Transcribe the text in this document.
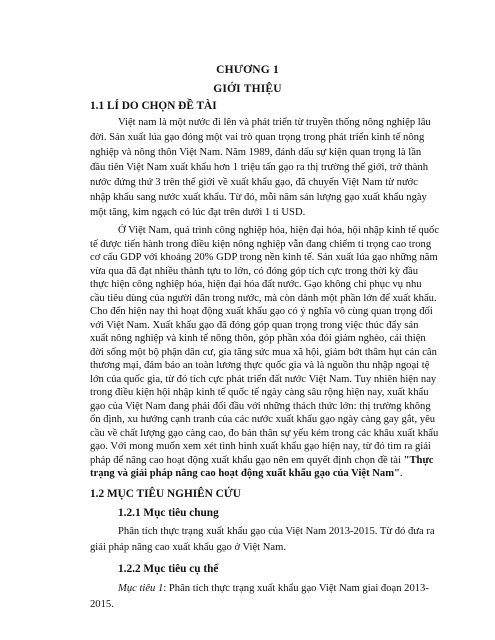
CHƯƠNG 1
GIỚI THIỆU
1.1 LÍ DO CHỌN ĐỀ TÀI
Việt nam là một nước đi lên và phát triển từ truyền thống nông nghiệp lâu
đời. Sản xuất lúa gạo đóng một vai trò quan trọng trong phát triển kinh tế nông
nghiệp và nông thôn Việt Nam. Năm 1989, đánh dấu sự kiện quan trọng là lần
đầu tiên Việt Nam xuất khẩu hơn 1 triệu tấn gạo ra thị trường thế giới, trở thành
nước đứng thứ 3 trên thế giới về xuất khẩu gạo, đã chuyển Việt Nam từ nước
nhập khẩu sang nước xuất khẩu. Từ đó, mỗi năm sản lượng gạo xuất khẩu ngày
một tăng, kim ngạch có lúc đạt trên dưới 1 tỉ USD.
Ở Việt Nam, quá trình công nghiệp hóa, hiện đại hóa, hội nhập kinh tế quốc
tế được tiến hành trong điều kiện nông nghiệp vẫn đang chiếm tỉ trọng cao trong
cơ cấu GDP với khoảng 20% GDP trong nền kinh tế. Sản xuất lúa gạo những năm
vừa qua đã đạt nhiều thành tựu to lớn, có đóng góp tích cực trong thời kỳ đầu
thực hiện công nghiệp hóa, hiện đại hóa đất nước. Gạo không chỉ phục vụ nhu
cầu tiêu dùng của người dân trong nước, mà còn dành một phần lớn để xuất khẩu.
Cho đến hiện nay thì hoạt động xuất khẩu gạo có ý nghĩa vô cùng quan trọng đối
với Việt Nam. Xuất khẩu gạo đã đóng góp quan trọng trong việc thúc đẩy sản
xuất nông nghiệp và kinh tế nông thôn, góp phần xóa đói giảm nghèo, cải thiện
đời sống một bộ phận dân cư, gia tăng sức mua xã hội, giảm bớt thâm hụt cán cân
thương mại, đảm bảo an toàn lương thực quốc gia và là nguồn thu nhập ngoại tệ
lớn của quốc gia, từ đó tích cực phát triển đất nước Việt Nam. Tuy nhiên hiện nay
trong điều kiện hội nhập kinh tế quốc tế ngày càng sâu rộng hiện nay, xuất khẩu
gạo của Việt Nam đang phải đối đầu với những thách thức lớn: thị trường không
ổn định, xu hướng cạnh tranh của các nước xuất khẩu gạo ngày càng gay gắt, yêu
cầu về chất lượng gạo càng cao, đo bản thân sự yếu kém trong các khâu xuất khẩu
gạo. Với mong muốn xem xét tình hình xuất khẩu gạo hiện nay, từ đó tìm ra giải
pháp để nâng cao hoạt động xuất khẩu gạo nên em quyết định chọn đề tài "Thực
trạng và giải pháp nâng cao hoạt động xuất khẩu gạo của Việt Nam".
1.2 MỤC TIÊU NGHIÊN CỨU
1.2.1 Mục tiêu chung
Phân tích thực trạng xuất khẩu gạo của Việt Nam 2013-2015. Từ đó đưa ra
giải pháp nâng cao xuất khẩu gạo ở Việt Nam.
1.2.2 Mục tiêu cụ thể
Mục tiêu 1: Phân tích thực trạng xuất khẩu gạo Việt Nam giai đoạn 2013-
2015.
